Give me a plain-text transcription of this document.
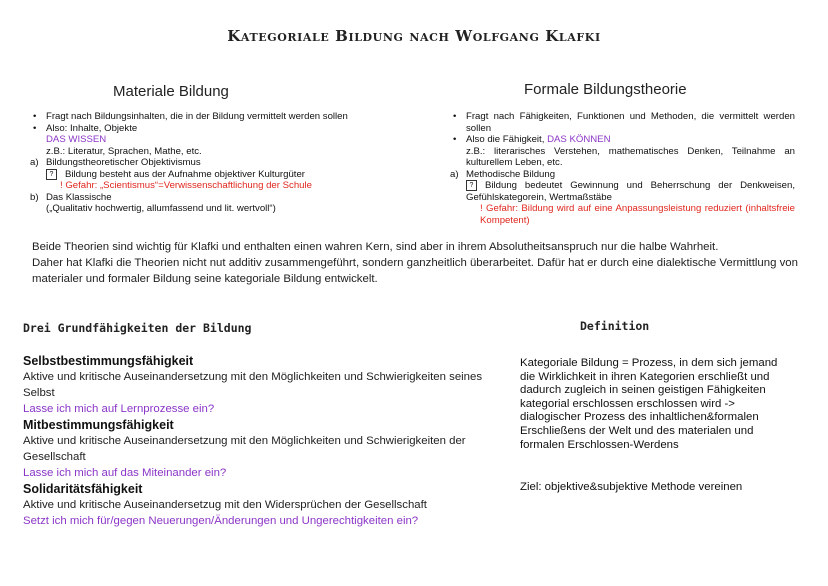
Kategoriale Bildung nach Wolfgang Klafki
Materiale Bildung
• Fragt nach Bildungsinhalten, die in der Bildung vermittelt werden sollen
• Also: Inhalte, Objekte
DAS WISSEN
z.B.: Literatur, Sprachen, Mathe, etc.
a) Bildungstheoretischer Objektivismus
? Bildung besteht aus der Aufnahme objektiver Kulturgüter
! Gefahr: „Scientismus“=Verwissenschaftlichung der Schule
b) Das Klassische
(„Qualitativ hochwertig, allumfassend und lit. wertvoll“)
Formale Bildungstheorie
• Fragt nach Fähigkeiten, Funktionen und Methoden, die vermittelt werden sollen
• Also die Fähigkeit, DAS KÖNNEN

z.B.: literarisches Verstehen, mathematisches Denken, Teilnahme an kulturellem Leben, etc.
a) Methodische Bildung
? Bildung bedeutet Gewinnung und Beherrschung der Denkweisen, Gefühlskategorein, Wertmaßstäbe
! Gefahr: Bildung wird auf eine Anpassungsleistung reduziert (inhaltsfreie Kompetent)
Beide Theorien sind wichtig für Klafki und enthalten einen wahren Kern, sind aber in ihrem Absolutheitsanspruch nur die halbe Wahrheit.
Daher hat Klafki die Theorien nicht nut additiv zusammengeführt, sondern ganzheitlich überarbeitet. Dafür hat er durch eine dialektische Vermittlung von materialer und formaler Bildung seine kategoriale Bildung entwickelt.
Drei Grundfähigkeiten der Bildung
Selbstbestimmungsfähigkeit
Aktive und kritische Auseinandersetzung mit den Möglichkeiten und Schwierigkeiten seines Selbst
Lasse ich mich auf Lernprozesse ein?
Mitbestimmungsfähigkeit
Aktive und kritische Auseinandersetzung mit den Möglichkeiten und Schwierigkeiten der Gesellschaft
Lasse ich mich auf das Miteinander ein?
Solidaritätsfähigkeit
Aktive und kritische Auseinandersetzug mit den Widersprüchen der Gesellschaft
Setzt ich mich für/gegen Neuerungen/Änderungen und Ungerechtigkeiten ein?
Definition
Kategoriale Bildung = Prozess, in dem sich jemand die Wirklichkeit in ihren Kategorien erschließt und dadurch zugleich in seinen geistigen Fähigkeiten kategorial erschlossen erschlossen wird -> dialogischer Prozess des inhaltlichen&formalen Erschließens der Welt und des materialen und formalen Erschlossen-Werdens
Ziel: objektive&subjektive Methode vereinen
